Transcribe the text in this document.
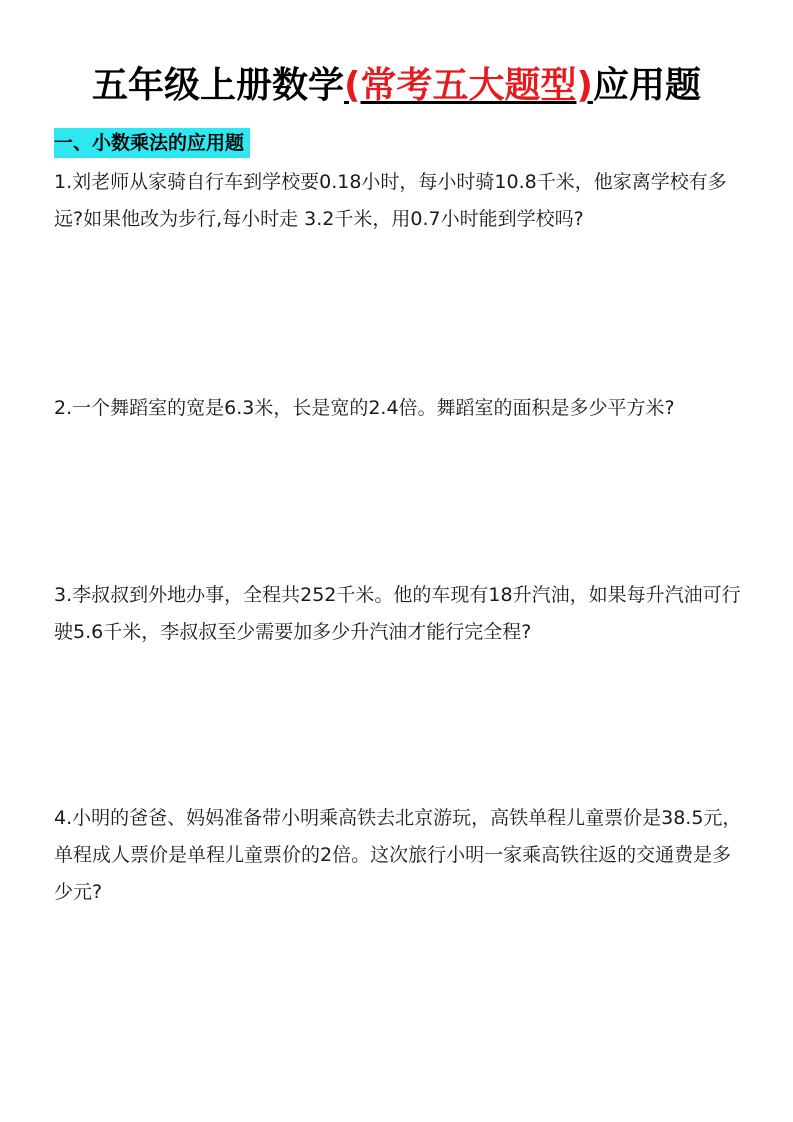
五年级上册数学(常考五大题型)应用题
一、小数乘法的应用题
1.刘老师从家骑自行车到学校要0.18小时，每小时骑10.8千米，他家离学校有多远?如果他改为步行,每小时走 3.2千米，用0.7小时能到学校吗?
2.一个舞蹈室的宽是6.3米，长是宽的2.4倍。舞蹈室的面积是多少平方米?
3.李叔叔到外地办事，全程共252千米。他的车现有18升汽油，如果每升汽油可行驶5.6千米，李叔叔至少需要加多少升汽油才能行完全程?
4.小明的爸爸、妈妈准备带小明乘高铁去北京游玩，高铁单程儿童票价是38.5元，单程成人票价是单程儿童票价的2倍。这次旅行小明一家乘高铁往返的交通费是多少元?
